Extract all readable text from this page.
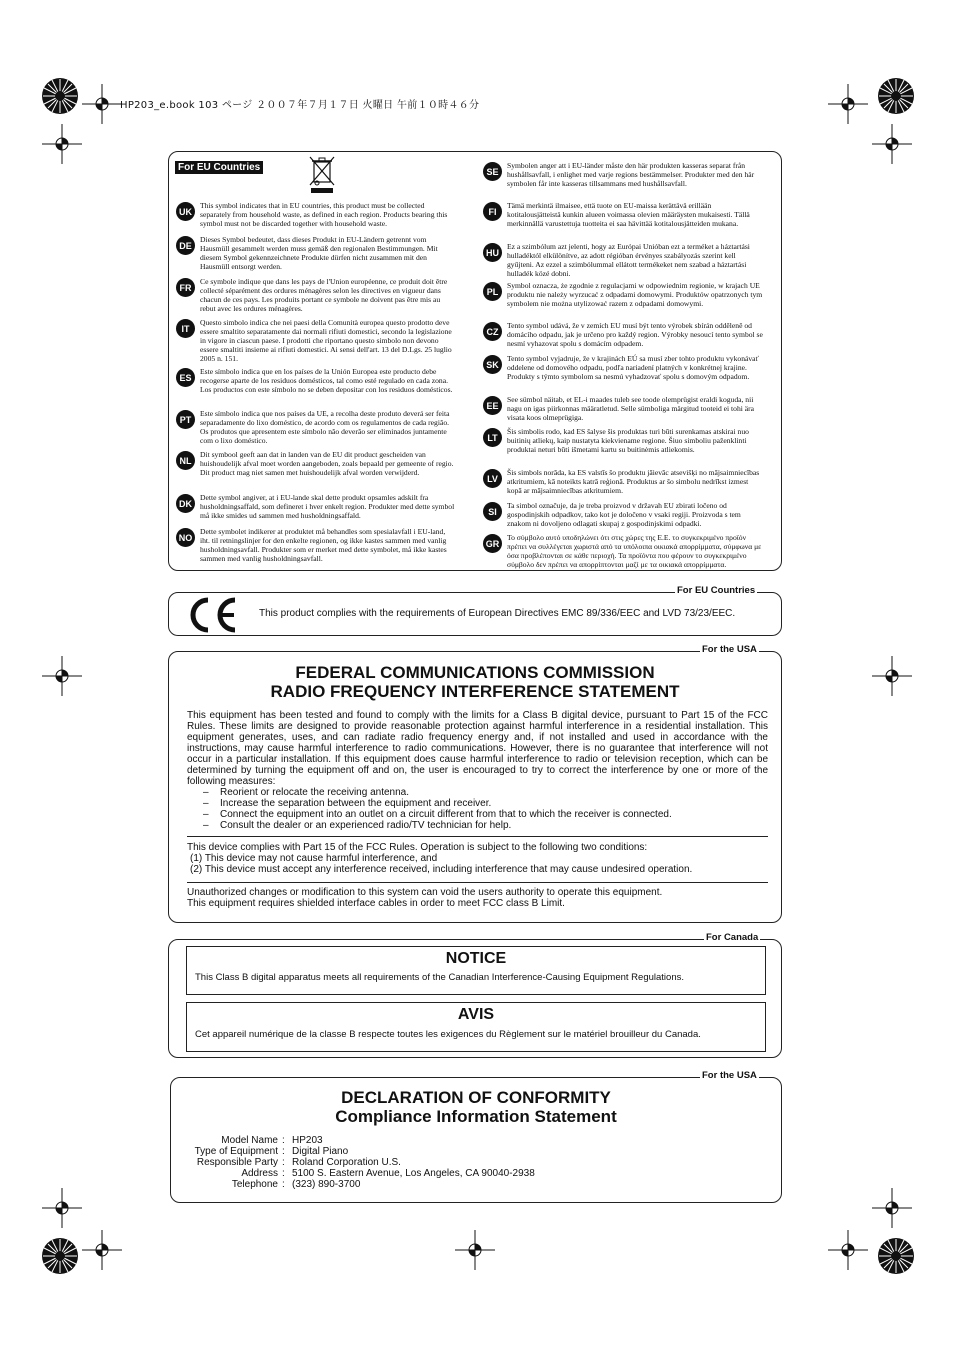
HP203_e.book 103 ページ ２００７年７月１７日 火曜日 午前１０時４６分
For EU Countries
UK
This symbol indicates that in EU countries, this product must be collected separately from household waste, as defined in each region. Products bearing this symbol must not be discarded together with household waste.
DE
Dieses Symbol bedeutet, dass dieses Produkt in EU-Ländern getrennt vom Hausmüll gesammelt werden muss gemäß den regionalen Bestimmungen. Mit diesem Symbol gekennzeichnete Produkte dürfen nicht zusammen mit den Hausmüll entsorgt werden.
FR
Ce symbole indique que dans les pays de l'Union européenne, ce produit doit être collecté séparément des ordures ménagères selon les directives en vigueur dans chacun de ces pays. Les produits portant ce symbole ne doivent pas être mis au rebut avec les ordures ménagères.
IT
Questo simbolo indica che nei paesi della Comunità europea questo prodotto deve essere smaltito separatamente dai normali rifiuti domestici, secondo la legislazione in vigore in ciascun paese. I prodotti che riportano questo simbolo non devono essere smaltiti insieme ai rifiuti domestici. Ai sensi dell'art. 13 del D.Lgs. 25 luglio 2005 n. 151.
ES
Este símbolo indica que en los países de la Unión Europea este producto debe recogerse aparte de los residuos domésticos, tal como esté regulado en cada zona. Los productos con este símbolo no se deben depositar con los residuos domésticos.
PT
Este símbolo indica que nos países da UE, a recolha deste produto deverá ser feita separadamente do lixo doméstico, de acordo com os regulamentos de cada região. Os produtos que apresentem este símbolo não deverão ser eliminados juntamente com o lixo doméstico.
NL
Dit symbool geeft aan dat in landen van de EU dit product gescheiden van huishoudelijk afval moet worden aangeboden, zoals bepaald per gemeente of regio. Dit product mag niet samen met huishoudelijk afval worden verwijderd.
DK
Dette symbol angiver, at i EU-lande skal dette produkt opsamles adskilt fra husholdningsaffald, som defineret i hver enkelt region. Produkter med dette symbol må ikke smides ud sammen med husholdningsaffald.
NO
Dette symbolet indikerer at produktet må behandles som spesialavfall i EU-land, iht. til retningslinjer for den enkelte regionen, og ikke kastes sammen med vanlig husholdningsavfall. Produkter som er merket med dette symbolet, må ikke kastes sammen med vanlig husholdningsavfall.
SE
Symbolen anger att i EU-länder måste den här produkten kasseras separat från hushållsavfall, i enlighet med varje regions bestämmelser. Produkter med den här symbolen får inte kasseras tillsammans med hushållsavfall.
FI
Tämä merkintä ilmaisee, että tuote on EU-maissa kerättävä erillään kotitalousjätteistä kunkin alueen voimassa olevien määräysten mukaisesti. Tällä merkinnällä varustettuja tuotteita ei saa hävittää kotitalousjätteiden mukana.
HU
Ez a szimbólum azt jelenti, hogy az Európai Unióban ezt a terméket a háztartási hulladéktól elkülönítve, az adott régióban érvényes szabályozás szerint kell gyűjteni. Az ezzel a szimbólummal ellátott termékeket nem szabad a háztartási hulladék közé dobni.
PL
Symbol oznacza, że zgodnie z regulacjami w odpowiednim regionie, w krajach UE produktu nie należy wyrzucać z odpadami domowymi. Produktów opatrzonych tym symbolem nie można utylizować razem z odpadami domowymi.
CZ
Tento symbol udává, že v zemích EU musí být tento výrobek sbírán odděleně od domácího odpadu, jak je určeno pro každý region. Výrobky nesoucí tento symbol se nesmí vyhazovat spolu s domácím odpadem.
SK
Tento symbol vyjadruje, že v krajinách EÚ sa musí zber tohto produktu vykonávať oddelene od domového odpadu, podľa nariadení platných v konkrétnej krajine. Produkty s týmto symbolom sa nesmú vyhadzovať spolu s domovým odpadom.
EE
See sümbol näitab, et EL-i maades tuleb see toode olemprügist eraldi koguda, nii nagu on igas piirkonnas määratletud. Selle sümboliga märgitud tooteid ei tohi ära visata koos olmeprügiga.
LT
Šis simbolis rodo, kad ES šalyse šis produktas turi būti surenkamas atskirai nuo buitinių atliekų, kaip nustatyta kiekviename regione. Šiuo simboliu paženklinti produktai neturi būti išmetami kartu su buitinėmis atliekomis.
LV
Šis simbols norāda, ka ES valstīs šo produktu jāievāc atsevišķi no mājsaimniecības atkritumiem, kā noteikts katrā reģionā. Produktus ar šo simbolu nedrīkst izmest kopā ar mājsaimniecības atkritumiem.
SI
Ta simbol označuje, da je treba proizvod v državah EU zbirati ločeno od gospodinjskih odpadkov, tako kot je določeno v vsaki regiji. Proizvoda s tem znakom ni dovoljeno odlagati skupaj z gospodinjskimi odpadki.
GR
Το σύμβολο αυτό υποδηλώνει ότι στις χώρες της Ε.Ε. το συγκεκριμένο προϊόν πρέπει να συλλέγεται χωριστά από τα υπόλοιπα οικιακά απορρίμματα, σύμφωνα με όσα προβλέπονται σε κάθε περιοχή. Τα προϊόντα που φέρουν το συγκεκριμένο σύμβολο δεν πρέπει να απορρίπτονται μαζί με τα οικιακά απορρίμματα.
For EU Countries
This product complies with the requirements of European Directives EMC 89/336/EEC and LVD 73/23/EEC.
For the USA
FEDERAL COMMUNICATIONS COMMISSION
RADIO FREQUENCY INTERFERENCE STATEMENT
This equipment has been tested and found to comply with the limits for a Class B digital device, pursuant to Part 15 of the FCC Rules. These limits are designed to provide reasonable protection against harmful interference in a residential installation. This equipment generates, uses, and can radiate radio frequency energy and, if not installed and used in accordance with the instructions, may cause harmful interference to radio communications. However, there is no guarantee that interference will not occur in a particular installation. If this equipment does cause harmful interference to radio or television reception, which can be determined by turning the equipment off and on, the user is encouraged to try to correct the interference by one or more of the following measures:
– Reorient or relocate the receiving antenna.
– Increase the separation between the equipment and receiver.
– Connect the equipment into an outlet on a circuit different from that to which the receiver is connected.
– Consult the dealer or an experienced radio/TV technician for help.
This device complies with Part 15 of the FCC Rules. Operation is subject to the following two conditions:
(1) This device may not cause harmful interference, and
(2) This device must accept any interference received, including interference that may cause undesired operation.
Unauthorized changes or modification to this system can void the users authority to operate this equipment.
This equipment requires shielded interface cables in order to meet FCC class B Limit.
For Canada
NOTICE
This Class B digital apparatus meets all requirements of the Canadian Interference-Causing Equipment Regulations.
AVIS
Cet appareil numérique de la classe B respecte toutes les exigences du Règlement sur le matériel brouilleur du Canada.
For the USA
DECLARATION OF CONFORMITY
Compliance Information Statement
Model Name : HP203
Type of Equipment : Digital Piano
Responsible Party : Roland Corporation U.S.
Address : 5100 S. Eastern Avenue, Los Angeles, CA 90040-2938
Telephone : (323) 890-3700
